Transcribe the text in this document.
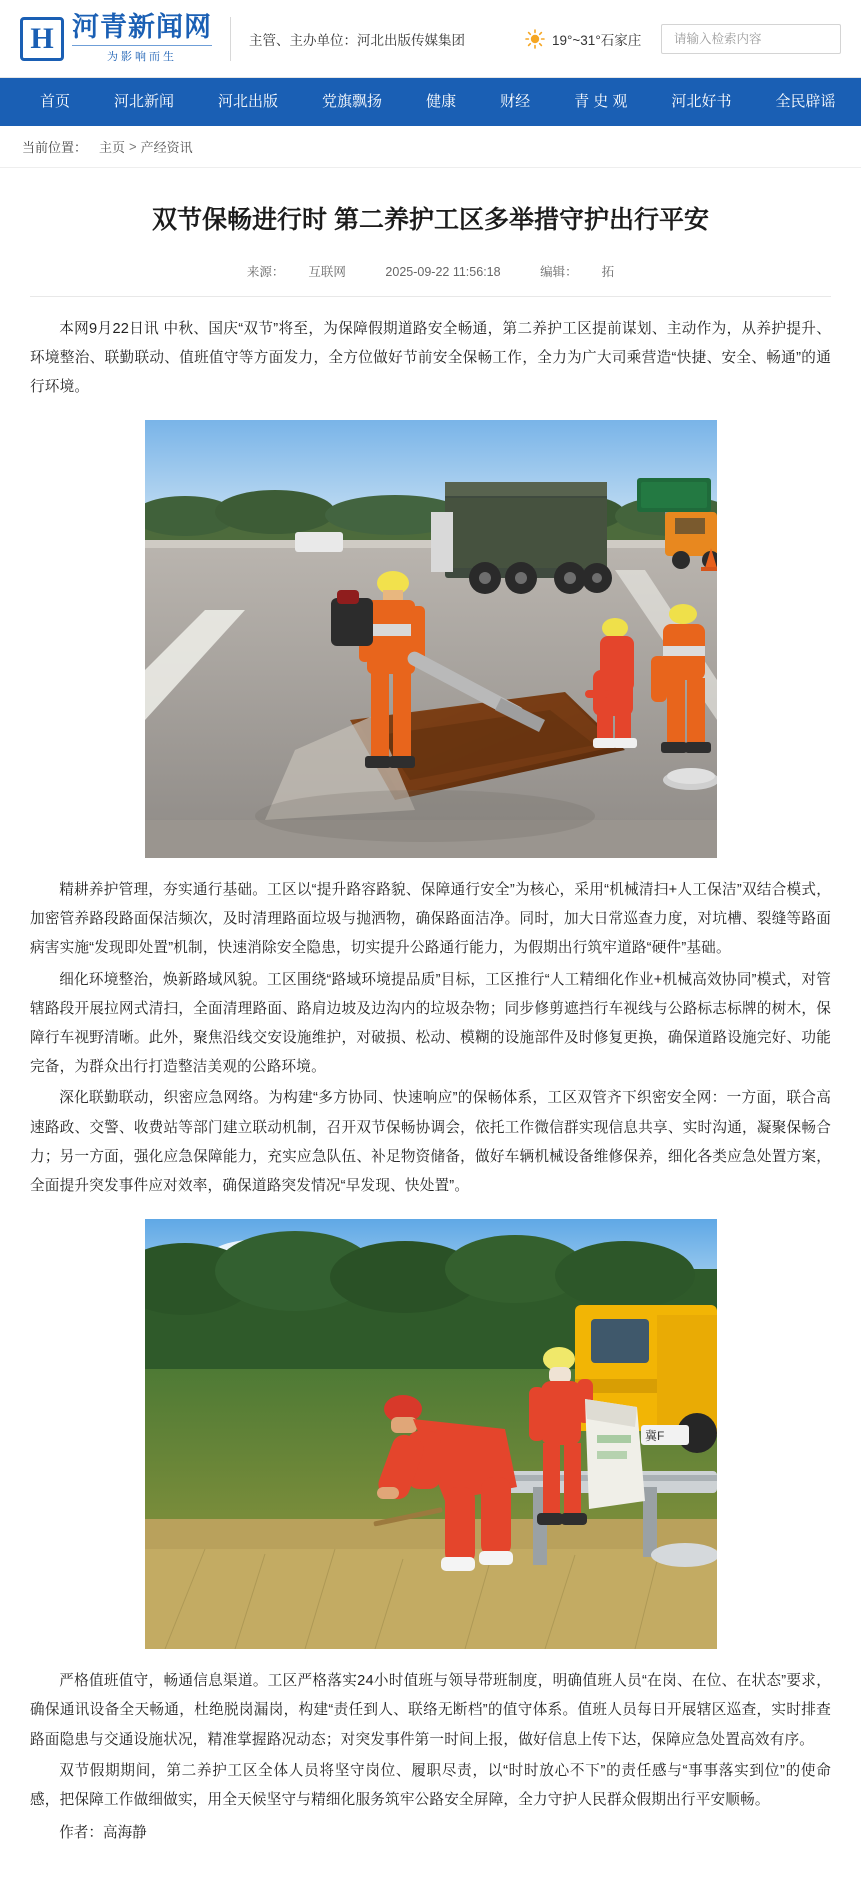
H 河青新闻网
为影响而生
主管、主办单位：河北出版传媒集团	19°~31°石家庄
请输入检索内容
首页	河北新闻	河北出版	党旗飘扬	健康	财经	青 史 观	河北好书	全民辟谣
当前位置： 主页 > 产经资讯
双节保畅进行时 第二养护工区多举措守护出行平安
来源： 互联网	2025-09-22 11:56:18	编辑： 拓

本网9月22日讯 中秋、国庆“双节”将至，为保障假期道路安全畅通，第二养护工区提前谋划、主动作为，从养护提升、环境整治、联勤联动、值班值守等方面发力，全方位做好节前安全保畅工作，全力为广大司乘营造“快捷、安全、畅通”的通行环境。

精耕养护管理，夯实通行基础。工区以“提升路容路貌、保障通行安全”为核心，采用“机械清扫+人工保洁”双结合模式，加密管养路段路面保洁频次，及时清理路面垃圾与抛洒物，确保路面洁净。同时，加大日常巡查力度，对坑槽、裂缝等路面病害实施“发现即处置”机制，快速消除安全隐患，切实提升公路通行能力，为假期出行筑牢道路“硬件”基础。

细化环境整治，焕新路域风貌。工区围绕“路域环境提品质”目标，工区推行“人工精细化作业+机械高效协同”模式，对管辖路段开展拉网式清扫，全面清理路面、路肩边坡及边沟内的垃圾杂物；同步修剪遮挡行车视线与公路标志标牌的树木，保障行车视野清晰。此外，聚焦沿线交安设施维护，对破损、松动、模糊的设施部件及时修复更换，确保道路设施完好、功能完备，为群众出行打造整洁美观的公路环境。

深化联勤联动，织密应急网络。为构建“多方协同、快速响应”的保畅体系，工区双管齐下织密安全网：一方面，联合高速路政、交警、收费站等部门建立联动机制，召开双节保畅协调会，依托工作微信群实现信息共享、实时沟通，凝聚保畅合力；另一方面，强化应急保障能力，充实应急队伍、补足物资储备，做好车辆机械设备维修保养，细化各类应急处置方案，全面提升突发事件应对效率，确保道路突发情况“早发现、快处置”。

冀F

严格值班值守，畅通信息渠道。工区严格落实24小时值班与领导带班制度，明确值班人员“在岗、在位、在状态”要求，确保通讯设备全天畅通，杜绝脱岗漏岗，构建“责任到人、联络无断档”的值守体系。值班人员每日开展辖区巡查，实时排查路面隐患与交通设施状况，精准掌握路况动态；对突发事件第一时间上报，做好信息上传下达，保障应急处置高效有序。

双节假期期间，第二养护工区全体人员将坚守岗位、履职尽责，以“时时放心不下”的责任感与“事事落实到位”的使命感，把保障工作做细做实，用全天候坚守与精细化服务筑牢公路安全屏障，全力守护人民群众假期出行平安顺畅。

作者：高海静
